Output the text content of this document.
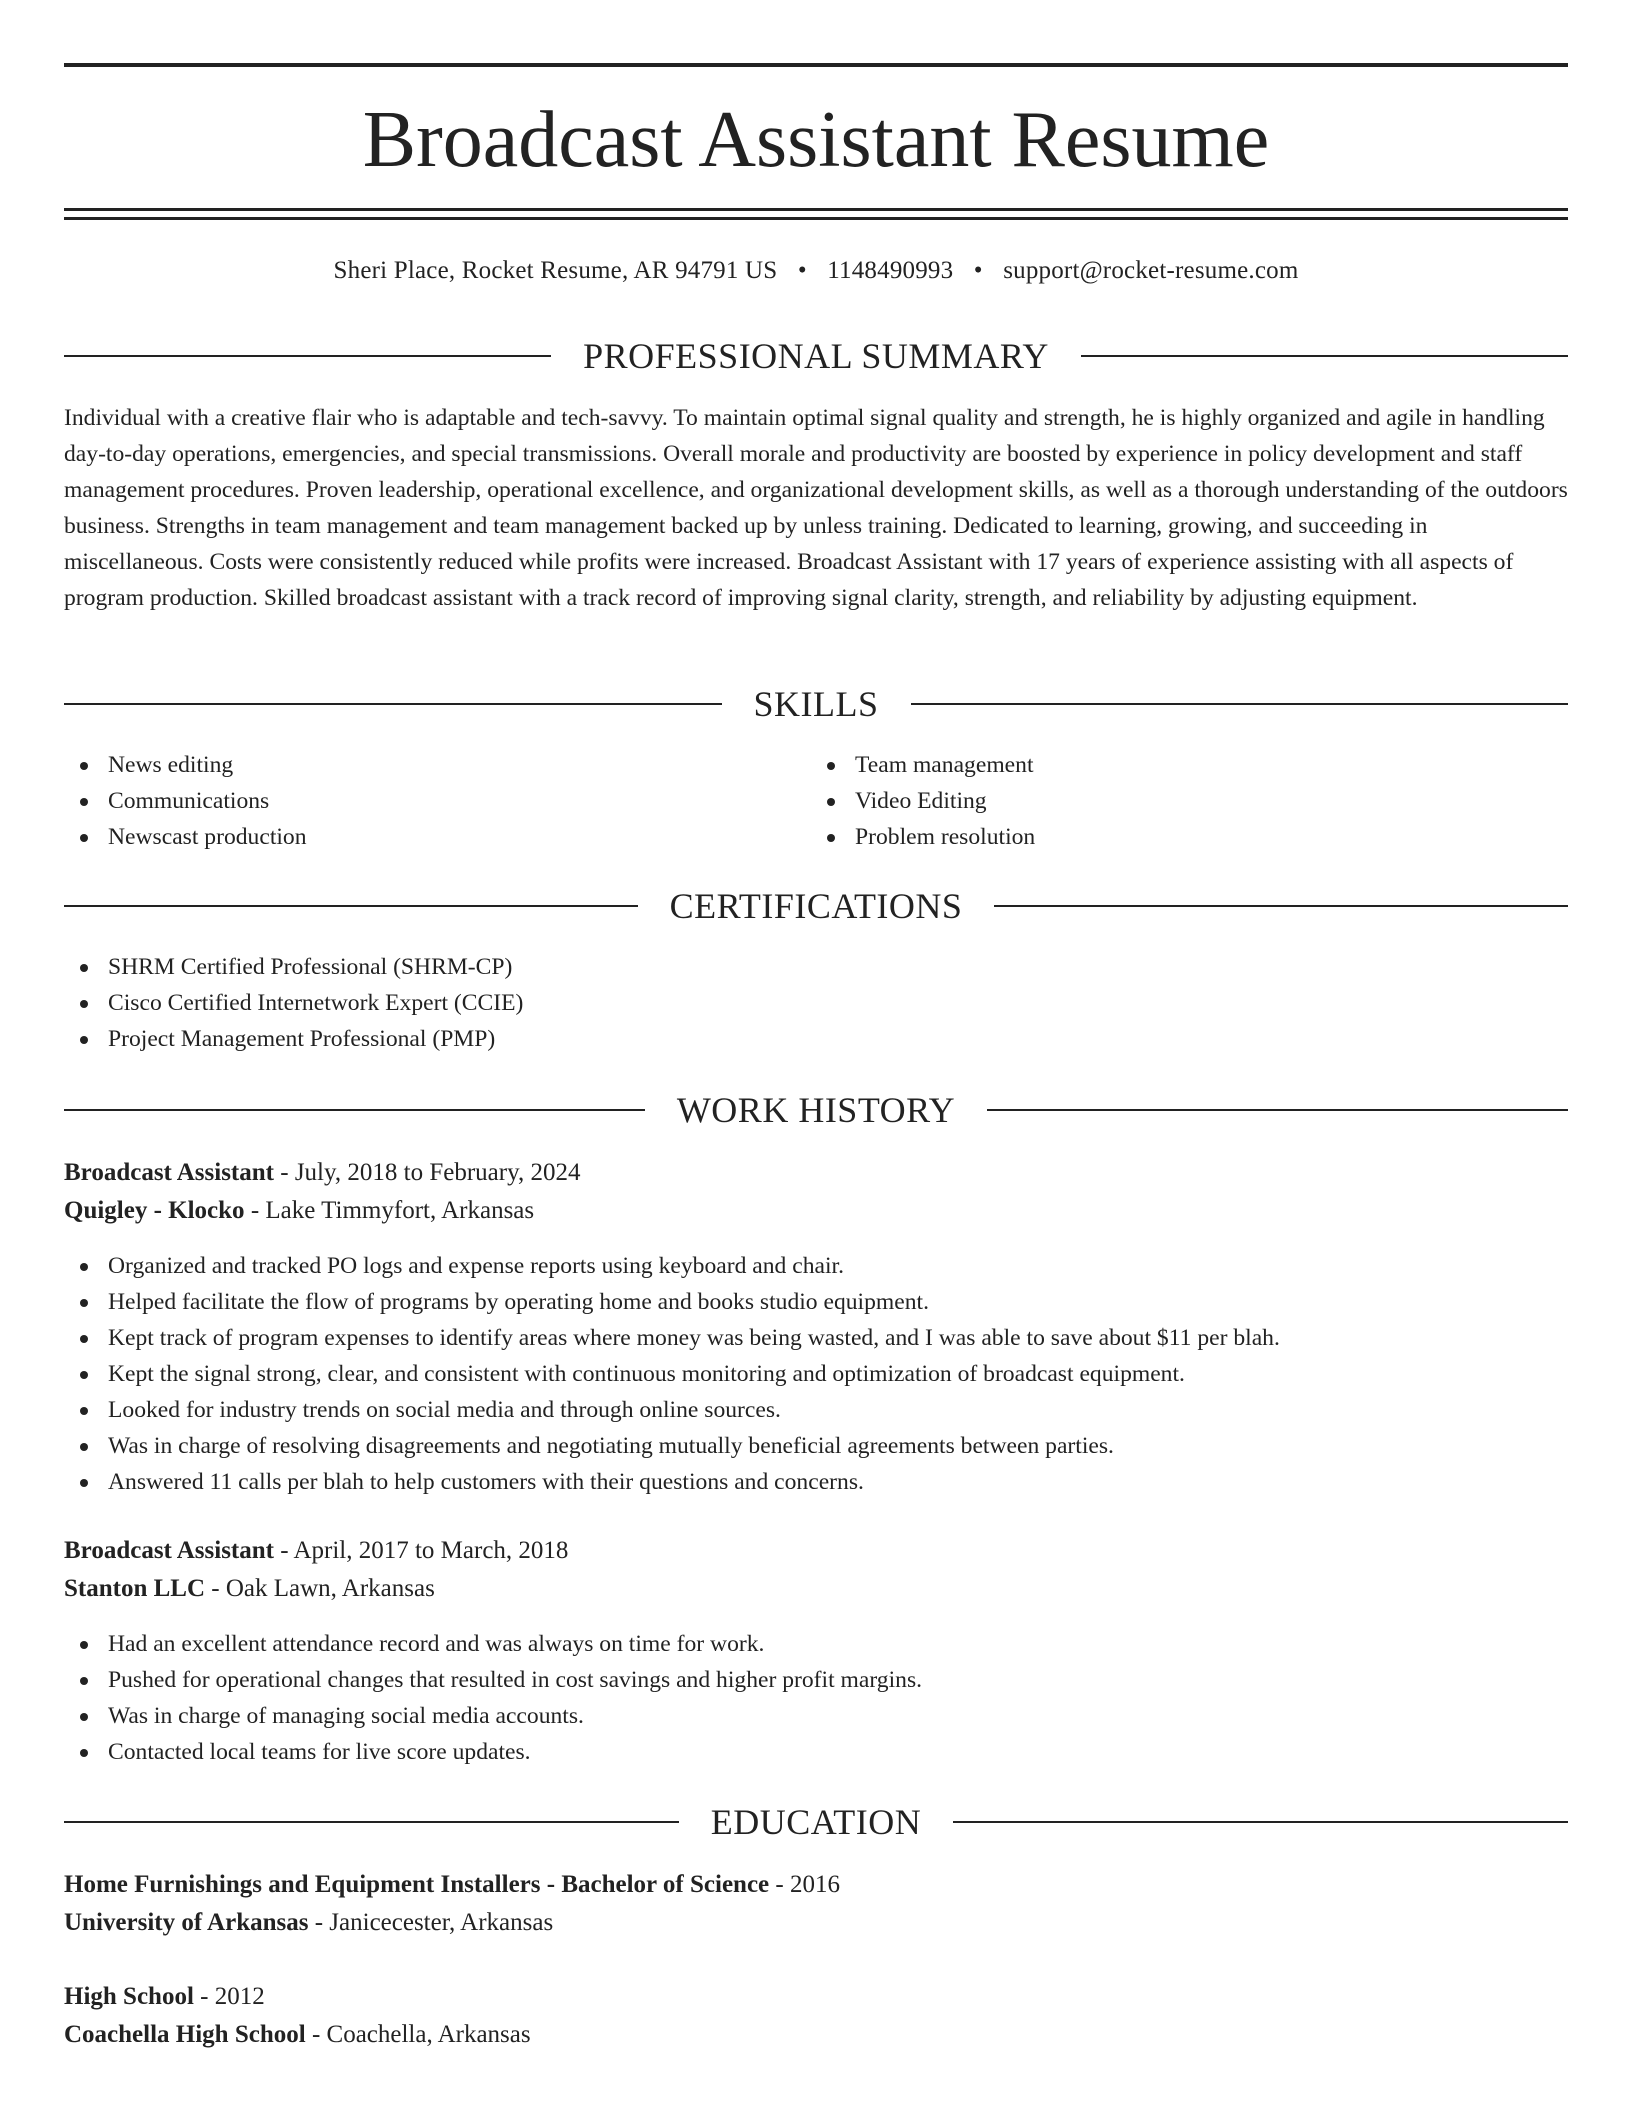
Broadcast Assistant Resume
Sheri Place, Rocket Resume, AR 94791 US • 1148490993 • support@rocket-resume.com
PROFESSIONAL SUMMARY

Individual with a creative flair who is adaptable and tech-savvy. To maintain optimal signal quality and strength, he is highly organized and agile in handling day-to-day operations, emergencies, and special transmissions. Overall morale and productivity are boosted by experience in policy development and staff management procedures. Proven leadership, operational excellence, and organizational development skills, as well as a thorough understanding of the outdoors business. Strengths in team management and team management backed up by unless training. Dedicated to learning, growing, and succeeding in miscellaneous. Costs were consistently reduced while profits were increased. Broadcast Assistant with 17 years of experience assisting with all aspects of program production. Skilled broadcast assistant with a track record of improving signal clarity, strength, and reliability by adjusting equipment.

SKILLS
News editing
Communications
Newscast production
Team management
Video Editing
Problem resolution
CERTIFICATIONS
SHRM Certified Professional (SHRM-CP)
Cisco Certified Internetwork Expert (CCIE)
Project Management Professional (PMP)
WORK HISTORY
Broadcast Assistant - July, 2018 to February, 2024
Quigley - Klocko - Lake Timmyfort, Arkansas
Organized and tracked PO logs and expense reports using keyboard and chair.
Helped facilitate the flow of programs by operating home and books studio equipment.
Kept track of program expenses to identify areas where money was being wasted, and I was able to save about $11 per blah.
Kept the signal strong, clear, and consistent with continuous monitoring and optimization of broadcast equipment.
Looked for industry trends on social media and through online sources.
Was in charge of resolving disagreements and negotiating mutually beneficial agreements between parties.
Answered 11 calls per blah to help customers with their questions and concerns.
Broadcast Assistant - April, 2017 to March, 2018
Stanton LLC - Oak Lawn, Arkansas
Had an excellent attendance record and was always on time for work.
Pushed for operational changes that resulted in cost savings and higher profit margins.
Was in charge of managing social media accounts.
Contacted local teams for live score updates.
EDUCATION
Home Furnishings and Equipment Installers - Bachelor of Science - 2016
University of Arkansas - Janicecester, Arkansas
High School - 2012
Coachella High School - Coachella, Arkansas
